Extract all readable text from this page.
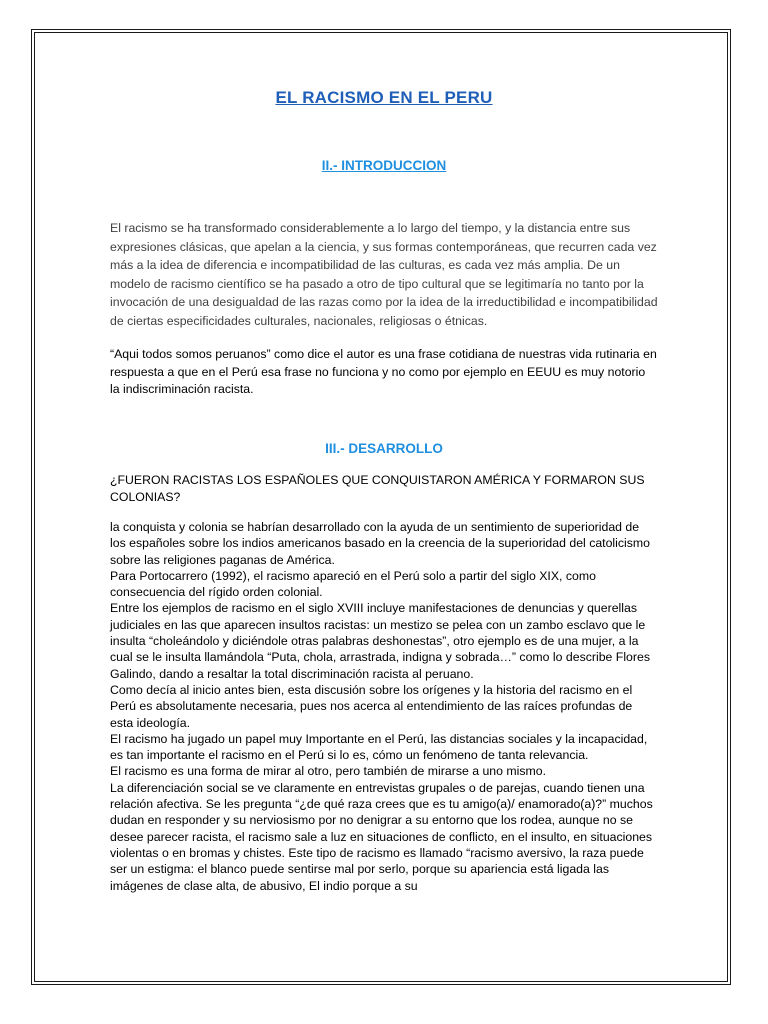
EL RACISMO EN EL PERU
II.- INTRODUCCION

El racismo se ha transformado considerablemente a lo largo del tiempo, y la distancia entre sus expresiones clásicas, que apelan a la ciencia, y sus formas contemporáneas, que recurren cada vez más a la idea de diferencia e incompatibilidad de las culturas, es cada vez más amplia. De un modelo de racismo científico se ha pasado a otro de tipo cultural que se legitimaría no tanto por la invocación de una desigualdad de las razas como por la idea de la irreductibilidad e incompatibilidad de ciertas especificidades culturales, nacionales, religiosas o étnicas.

“Aqui todos somos peruanos” como dice el autor es una frase cotidiana de nuestras vida rutinaria en respuesta a que en el Perú esa frase no funciona y no como por ejemplo en EEUU es muy notorio la indiscriminación racista.

III.- DESARROLLO

¿FUERON RACISTAS LOS ESPAÑOLES QUE CONQUISTARON AMÉRICA Y FORMARON SUS COLONIAS?

la conquista y colonia se habrían desarrollado con la ayuda de un sentimiento de superioridad de los españoles sobre los indios americanos basado en la creencia de la superioridad del catolicismo sobre las religiones paganas de América.

Para Portocarrero (1992), el racismo apareció en el Perú solo a partir del siglo XIX, como consecuencia del rígido orden colonial.

Entre los ejemplos de racismo en el siglo XVIII incluye manifestaciones de denuncias y querellas judiciales en las que aparecen insultos racistas: un mestizo se pelea con un zambo esclavo que le insulta “choleándolo y diciéndole otras palabras deshonestas”, otro ejemplo es de una mujer, a la cual se le insulta llamándola “Puta, chola, arrastrada, indigna y sobrada…” como lo describe Flores Galindo, dando a resaltar la total discriminación racista al peruano.

Como decía al inicio antes bien, esta discusión sobre los orígenes y la historia del racismo en el Perú es absolutamente necesaria, pues nos acerca al entendimiento de las raíces profundas de esta ideología.

El racismo ha jugado un papel muy Importante en el Perú, las distancias sociales y la incapacidad, es tan importante el racismo en el Perú si lo es, cómo un fenómeno de tanta relevancia.

El racismo es una forma de mirar al otro, pero también de mirarse a uno mismo.

La diferenciación social se ve claramente en entrevistas grupales o de parejas, cuando tienen una relación afectiva. Se les pregunta “¿de qué raza crees que es tu amigo(a)/ enamorado(a)?” muchos dudan en responder y su nerviosismo por no denigrar a su entorno que los rodea, aunque no se desee parecer racista, el racismo sale a luz en situaciones de conflicto, en el insulto, en situaciones violentas o en bromas y chistes. Este tipo de racismo es llamado “racismo aversivo, la raza puede ser un estigma: el blanco puede sentirse mal por serlo, porque su apariencia está ligada las imágenes de clase alta, de abusivo, El indio porque a su
